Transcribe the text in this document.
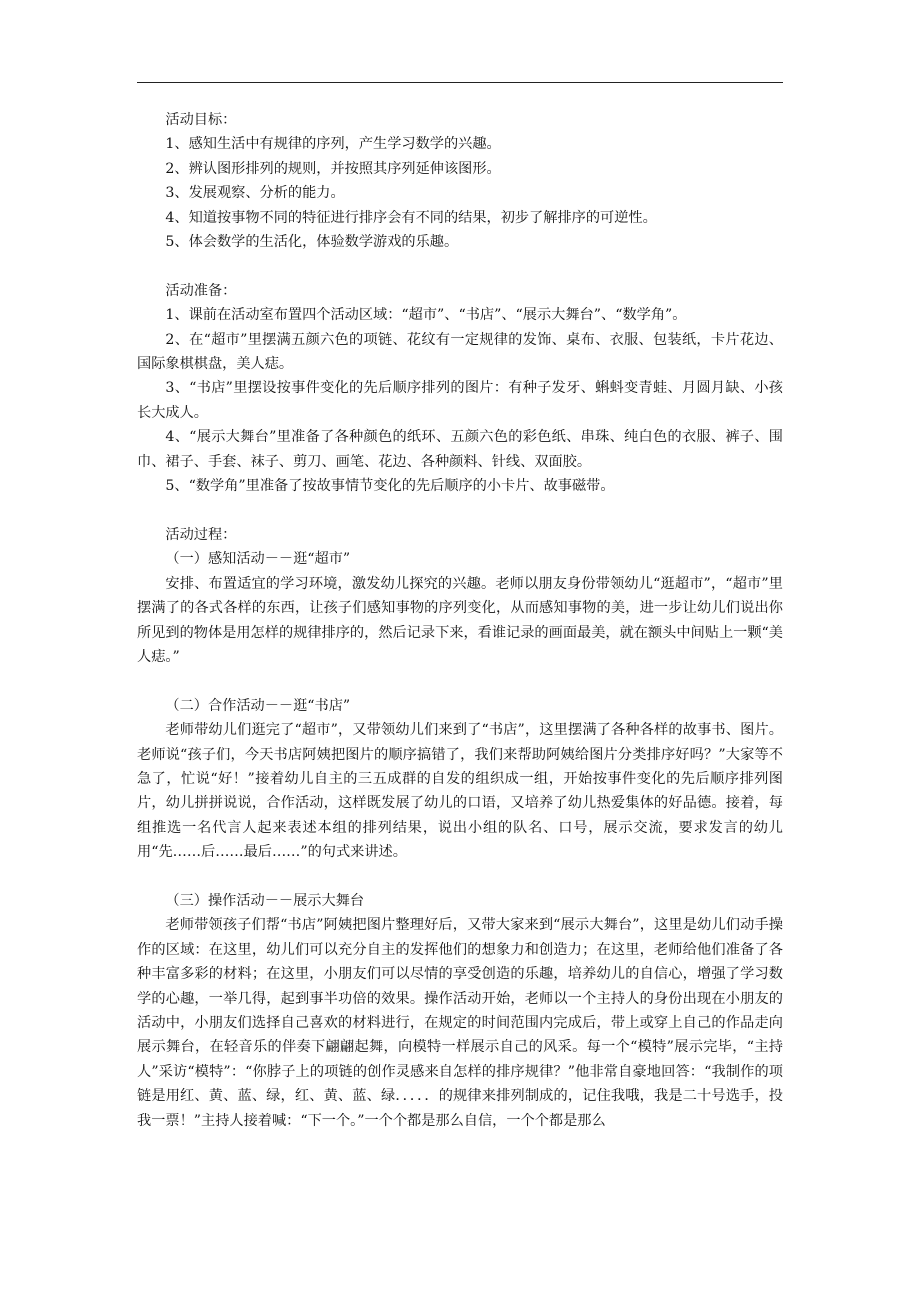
活动目标：

1、感知生活中有规律的序列，产生学习数学的兴趣。

2、辨认图形排列的规则，并按照其序列延伸该图形。

3、发展观察、分析的能力。

4、知道按事物不同的特征进行排序会有不同的结果，初步了解排序的可逆性。

5、体会数学的生活化，体验数学游戏的乐趣。

活动准备：

1、课前在活动室布置四个活动区域：“超市”、“书店”、“展示大舞台”、“数学角”。

2、在“超市”里摆满五颜六色的项链、花纹有一定规律的发饰、桌布、衣服、包装纸，卡片花边、国际象棋棋盘，美人痣。

3、“书店”里摆设按事件变化的先后顺序排列的图片：有种子发牙、蝌蚪变青蛙、月圆月缺、小孩长大成人。

4、“展示大舞台”里准备了各种颜色的纸环、五颜六色的彩色纸、串珠、纯白色的衣服、裤子、围巾、裙子、手套、袜子、剪刀、画笔、花边、各种颜料、针线、双面胶。

5、“数学角”里准备了按故事情节变化的先后顺序的小卡片、故事磁带。

活动过程：

（一）感知活动－－逛“超市”

安排、布置适宜的学习环境，激发幼儿探究的兴趣。老师以朋友身份带领幼儿“逛超市”，“超市”里摆满了的各式各样的东西，让孩子们感知事物的序列变化，从而感知事物的美，进一步让幼儿们说出你所见到的物体是用怎样的规律排序的，然后记录下来，看谁记录的画面最美，就在额头中间贴上一颗“美人痣。”

（二）合作活动－－逛“书店”

老师带幼儿们逛完了“超市”，又带领幼儿们来到了“书店”，这里摆满了各种各样的故事书、图片。老师说“孩子们，今天书店阿姨把图片的顺序搞错了，我们来帮助阿姨给图片分类排序好吗？”大家等不急了，忙说“好！”接着幼儿自主的三五成群的自发的组织成一组，开始按事件变化的先后顺序排列图片，幼儿拼拼说说，合作活动，这样既发展了幼儿的口语，又培养了幼儿热爱集体的好品德。接着，每组推选一名代言人起来表述本组的排列结果，说出小组的队名、口号，展示交流，要求发言的幼儿用“先……后……最后……”的句式来讲述。

（三）操作活动－－展示大舞台

老师带领孩子们帮“书店”阿姨把图片整理好后，又带大家来到“展示大舞台”，这里是幼儿们动手操作的区域：在这里，幼儿们可以充分自主的发挥他们的想象力和创造力；在这里，老师给他们准备了各种丰富多彩的材料；在这里，小朋友们可以尽情的享受创造的乐趣，培养幼儿的自信心，增强了学习数学的心趣，一举几得，起到事半功倍的效果。操作活动开始，老师以一个主持人的身份出现在小朋友的活动中，小朋友们选择自己喜欢的材料进行，在规定的时间范围内完成后，带上或穿上自己的作品走向展示舞台，在轻音乐的伴奏下翩翩起舞，向模特一样展示自己的风采。每一个“模特”展示完毕，“主持人”采访“模特”：“你脖子上的项链的创作灵感来自怎样的排序规律？”他非常自豪地回答：“我制作的项链是用红、黄、蓝、绿，红、黄、蓝、绿．．．．．的规律来排列制成的，记住我哦，我是二十号选手，投我一票！”主持人接着喊：“下一个。”一个个都是那么自信，一个个都是那么
